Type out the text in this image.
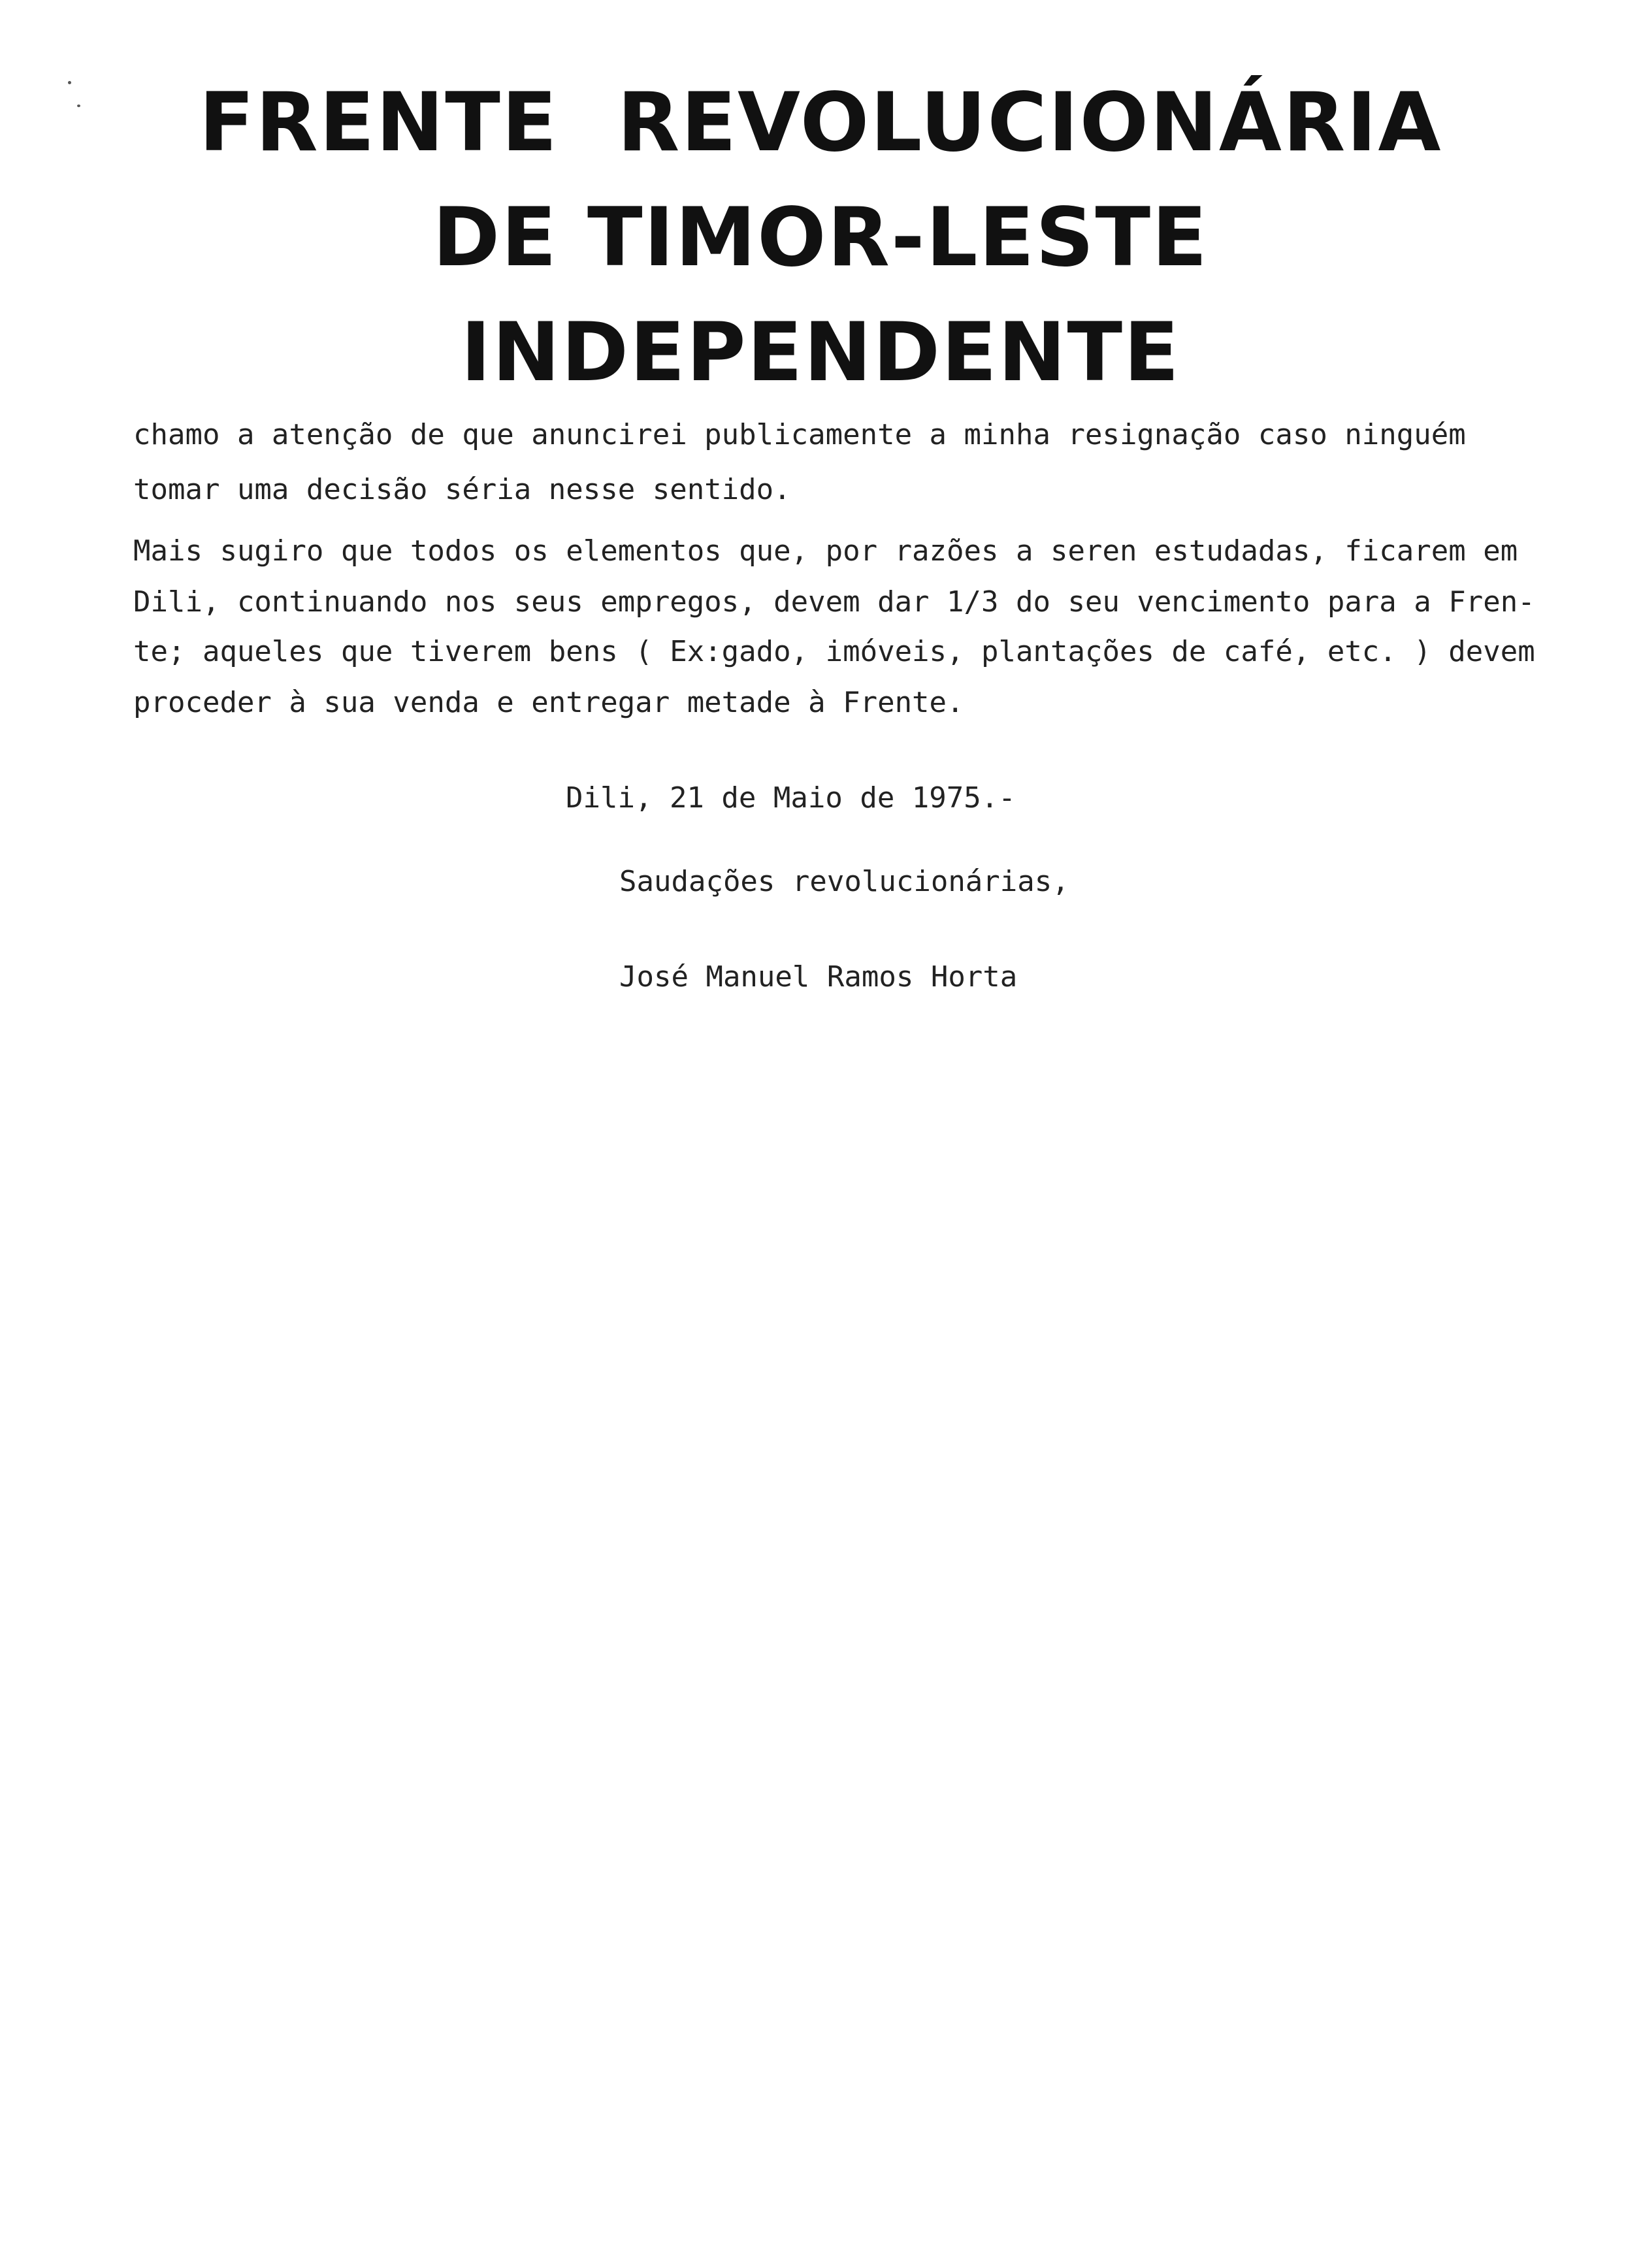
FRENTE  REVOLUCIONÁRIA
DE TIMOR-LESTE
INDEPENDENTE
chamo a atenção de que anuncirei publicamente a minha resignação caso ninguém
tomar uma decisão séria nesse sentido.
Mais sugiro que todos os elementos que, por razões a seren estudadas, ficarem em
Dili, continuando nos seus empregos, devem dar 1/3 do seu vencimento para a Fren-
te; aqueles que tiverem bens ( Ex:gado, imóveis, plantações de café, etc. ) devem
proceder à sua venda e entregar metade à Frente.
Dili, 21 de Maio de 1975.-
Saudações revolucionárias,
José Manuel Ramos Horta
